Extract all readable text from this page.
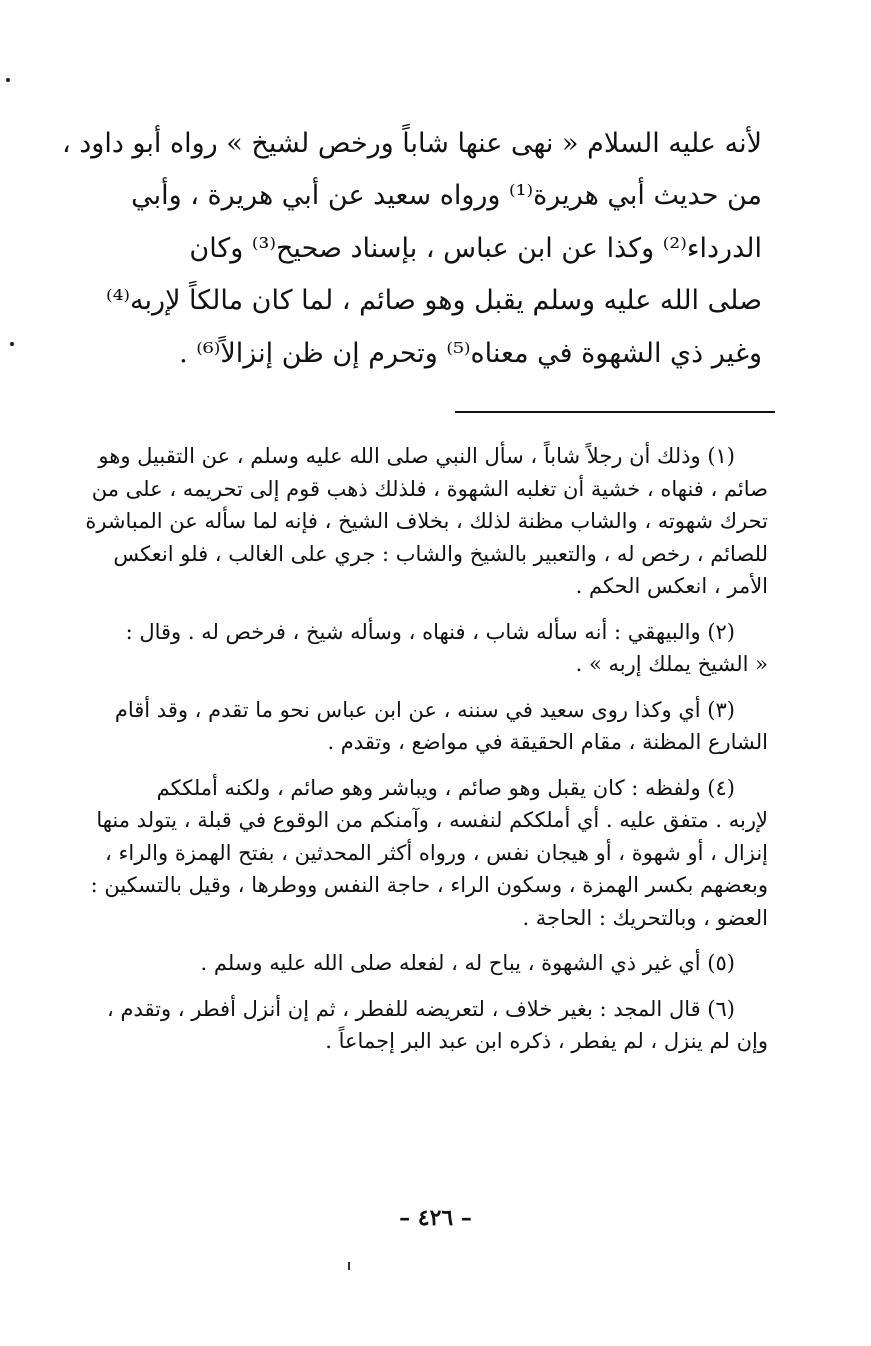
لأنه عليه السلام « نهى عنها شاباً ورخص لشيخ » رواه أبو داود ،
من حديث أبي هريرة⁽¹⁾ ورواه سعيد عن أبي هريرة ، وأبي
الدرداء⁽²⁾ وكذا عن ابن عباس ، بإسناد صحيح⁽³⁾ وكان
صلى الله عليه وسلم يقبل وهو صائم ، لما كان مالكاً لإربه⁽⁴⁾
وغير ذي الشهوة في معناه⁽⁵⁾ وتحرم إن ظن إنزالاً⁽⁶⁾ .
(١) وذلك أن رجلاً شاباً ، سأل النبي صلى الله عليه وسلم ، عن التقبيل وهو
صائم ، فنهاه ، خشية أن تغلبه الشهوة ، فلذلك ذهب قوم إلى تحريمه ، على من
تحرك شهوته ، والشاب مظنة لذلك ، بخلاف الشيخ ، فإنه لما سأله عن المباشرة
للصائم ، رخص له ، والتعبير بالشيخ والشاب : جري على الغالب ، فلو انعكس
الأمر ، انعكس الحكم .
(٢) والبيهقي : أنه سأله شاب ، فنهاه ، وسأله شيخ ، فرخص له . وقال :
« الشيخ يملك إربه » .
(٣) أي وكذا روى سعيد في سننه ، عن ابن عباس نحو ما تقدم ، وقد أقام
الشارع المظنة ، مقام الحقيقة في مواضع ، وتقدم .
(٤) ولفظه : كان يقبل وهو صائم ، ويباشر وهو صائم ، ولكنه أملككم
لإربه . متفق عليه . أي أملككم لنفسه ، وآمنكم من الوقوع في قبلة ، يتولد منها
إنزال ، أو شهوة ، أو هيجان نفس ، ورواه أكثر المحدثين ، بفتح الهمزة والراء ،
وبعضهم بكسر الهمزة ، وسكون الراء ، حاجة النفس ووطرها ، وقيل بالتسكين :
العضو ، وبالتحريك : الحاجة .
(٥) أي غير ذي الشهوة ، يباح له ، لفعله صلى الله عليه وسلم .
(٦) قال المجد : بغير خلاف ، لتعريضه للفطر ، ثم إن أنزل أفطر ، وتقدم ،
وإن لم ينزل ، لم يفطر ، ذكره ابن عبد البر إجماعاً .
– ٤٢٦ –
